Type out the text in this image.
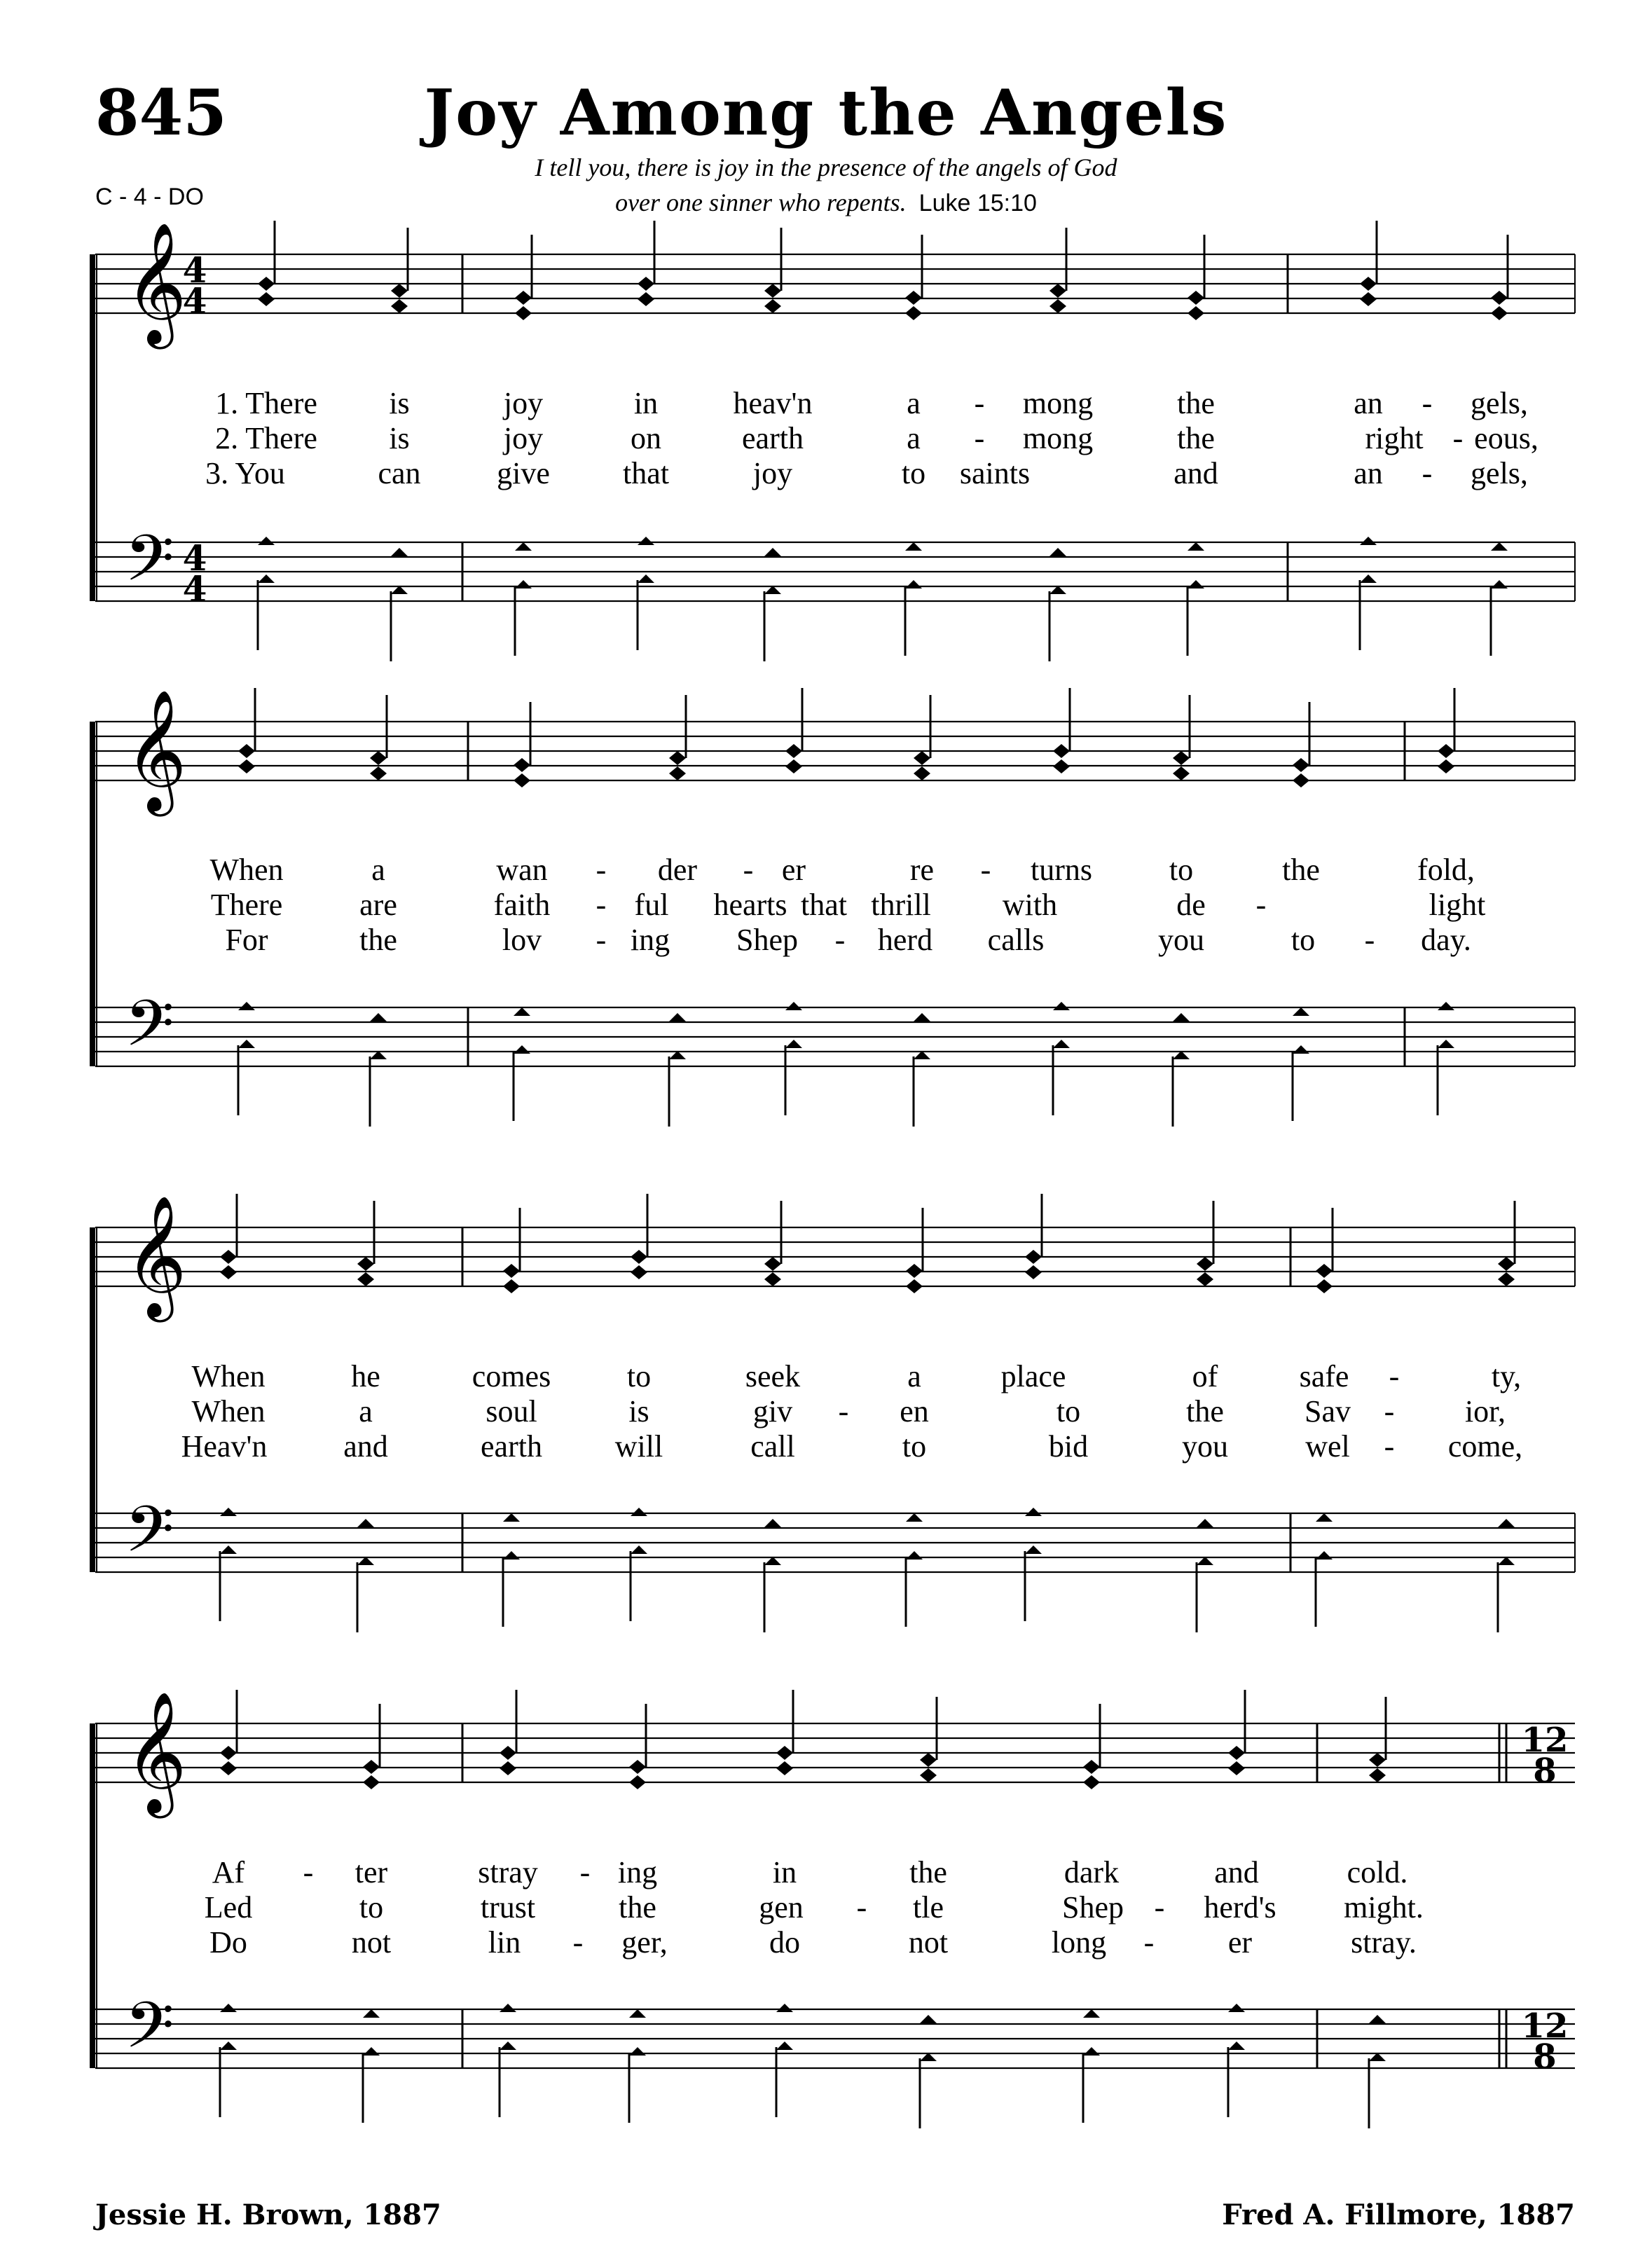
845	Joy Among the Angels
I tell you, there is joy in the presence of the angels of God
over one sinner who repents. Luke 15:10
C - 4 - DO
𝄞
𝄢
4
4
4
4
𝄞
𝄢
𝄞
𝄢
12
8
12
8
𝄞
𝄢
1. There is	joy	in heav'n	a - mong	the	an - gels,
2. There is	joy	on	earth	a - mong	the	right - eous,
3. You	can give that	joy	to saints	and	an - gels,
When	a	wan - der - er	re - turns to	the	fold,
There are	faith - ful hearts that thrill with	de -	light
For	the	lov - ing Shep - herd calls	you	to - day.
When	he	comes to	seek	a	place	of	safe -	ty,
When	a	soul	is	giv - en	to	the	Sav - ior,
Heav'n and	earth will	call	to	bid	you	wel - come,
Af - ter	stray - ing	in	the	dark	and	cold.
Led	to	trust	the	gen - tle	Shep - herd's might.
Do	not	lin - ger,	do	not	long - er	stray.
Jessie H. Brown, 1887	Fred A. Fillmore, 1887
